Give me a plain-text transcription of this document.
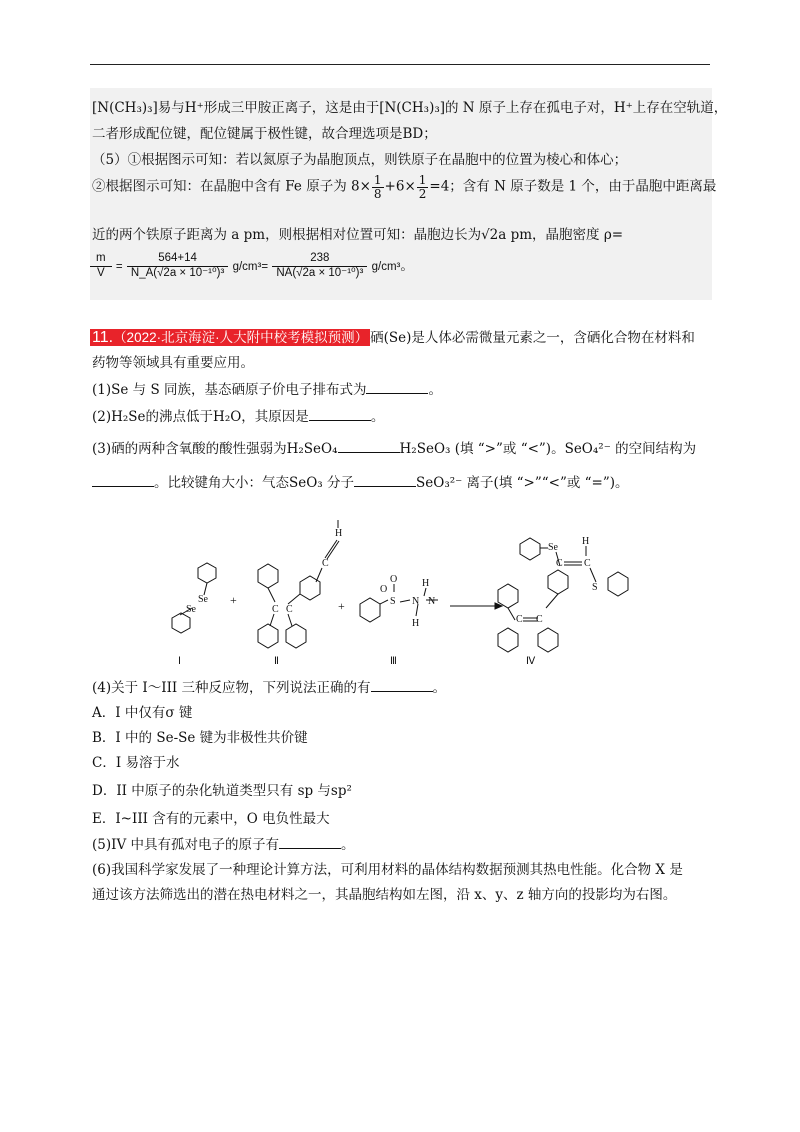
[N(CH₃)₃]易与H⁺形成三甲胺正离子，这是由于[N(CH₃)₃]的 N 原子上存在孤电子对，H⁺上存在空轨道，
二者形成配位键，配位键属于极性键，故合理选项是BD；
（5）①根据图示可知：若以氮原子为晶胞顶点，则铁原子在晶胞中的位置为棱心和体心；
②根据图示可知：在晶胞中含有 Fe 原子为 $8\times \frac{1}{8} +6\times \frac{1}{2} =4$；含有 N 原子数是 1 个，由于晶胞中距离最
近的两个铁原子距离为 a pm，则根据相对位置可知：晶胞边长为√2a pm，晶胞密度 ρ=
$\frac{m}{V} = \frac{564+14}{\text{N\_A(√2a × 10⁻¹⁰)³}} g/cm^3= \frac{238}{\text{NA(√2a × 10⁻¹⁰)³}} g/cm^3$。
11.（2022·北京海淀·人大附中校考模拟预测） 硒(Se)是人体必需微量元素之一，含硒化合物在材料和
药物等领域具有重要应用。
(1)Se 与 S 同族，基态硒原子价电子排布式为	。
(2)H₂Se的沸点低于H₂O，其原因是	。
(3)硒的两种含氧酸的酸性强弱为H₂SeO₄	H₂SeO₃ (填 “>”或 “<”)。SeO₄²⁻ 的空间结构为
。比较键角大小：气态SeO₃ 分子	SeO₃²⁻ 离子(填 “>”“<”或 “=”)。
Se
Se
H
C
C C
S
O
O
N N
H
H
Se
H
C C
S
C C
+	+
Ⅰ	Ⅱ	Ⅲ	Ⅳ
(4)关于 I～III 三种反应物，下列说法正确的有	。
A．I 中仅有σ 键
B．I 中的 Se-Se 键为非极性共价键
C．I 易溶于水
D．II 中原子的杂化轨道类型只有 sp 与sp²
E．I~III 含有的元素中，O 电负性最大
(5)IV 中具有孤对电子的原子有	。
(6)我国科学家发展了一种理论计算方法，可利用材料的晶体结构数据预测其热电性能。化合物 X 是
通过该方法筛选出的潜在热电材料之一，其晶胞结构如左图，沿 x、y、z 轴方向的投影均为右图。
